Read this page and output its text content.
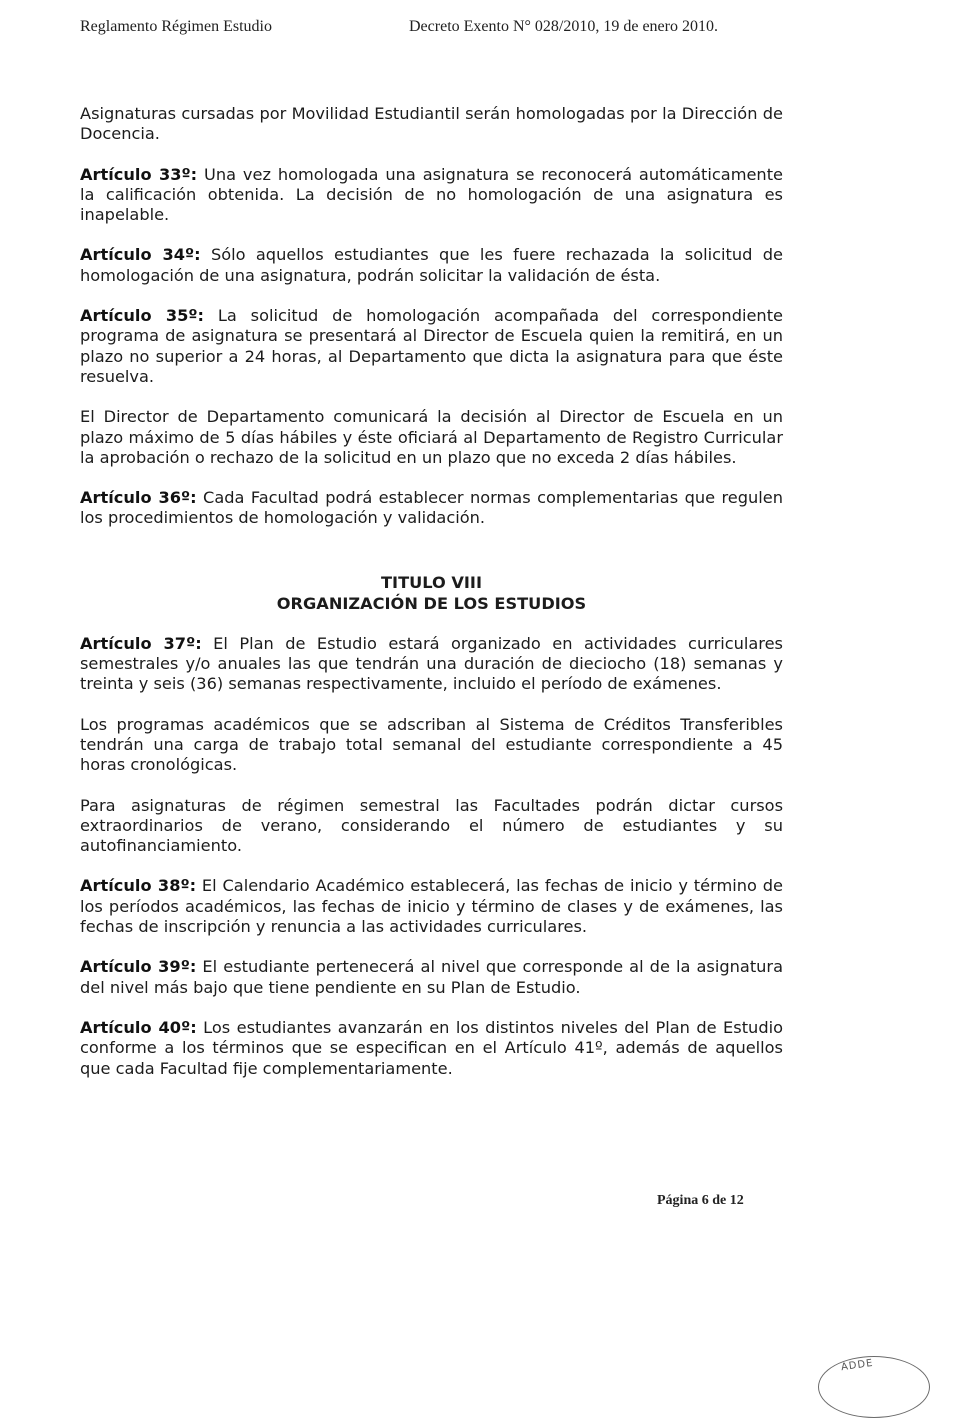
Reglamento Régimen Estudio	Decreto Exento N° 028/2010, 19 de enero 2010.

Asignaturas cursadas por Movilidad Estudiantil serán homologadas por la Dirección de Docencia.

Artículo 33º: Una vez homologada una asignatura se reconocerá automáticamente la calificación obtenida. La decisión de no homologación de una asignatura es inapelable.

Artículo 34º: Sólo aquellos estudiantes que les fuere rechazada la solicitud de homologación de una asignatura, podrán solicitar la validación de ésta.

Artículo 35º: La solicitud de homologación acompañada del correspondiente programa de asignatura se presentará al Director de Escuela quien la remitirá, en un plazo no superior a 24 horas, al Departamento que dicta la asignatura para que éste resuelva.

El Director de Departamento comunicará la decisión al Director de Escuela en un plazo máximo de 5 días hábiles y éste oficiará al Departamento de Registro Curricular la aprobación o rechazo de la solicitud en un plazo que no exceda 2 días hábiles.

Artículo 36º: Cada Facultad podrá establecer normas complementarias que regulen los procedimientos de homologación y validación.

TITULO VIII
ORGANIZACIÓN DE LOS ESTUDIOS

Artículo 37º: El Plan de Estudio estará organizado en actividades curriculares semestrales y/o anuales las que tendrán una duración de dieciocho (18) semanas y treinta y seis (36) semanas respectivamente, incluido el período de exámenes.

Los programas académicos que se adscriban al Sistema de Créditos Transferibles tendrán una carga de trabajo total semanal del estudiante correspondiente a 45 horas cronológicas.

Para asignaturas de régimen semestral las Facultades podrán dictar cursos extraordinarios de verano, considerando el número de estudiantes y su autofinanciamiento.

Artículo 38º: El Calendario Académico establecerá, las fechas de inicio y término de los períodos académicos, las fechas de inicio y término de clases y de exámenes, las fechas de inscripción y renuncia a las actividades curriculares.

Artículo 39º: El estudiante pertenecerá al nivel que corresponde al de la asignatura del nivel más bajo que tiene pendiente en su Plan de Estudio.

Artículo 40º: Los estudiantes avanzarán en los distintos niveles del Plan de Estudio conforme a los términos que se especifican en el Artículo 41º, además de aquellos que cada Facultad fije complementariamente.

Página 6 de 12
ADDE
